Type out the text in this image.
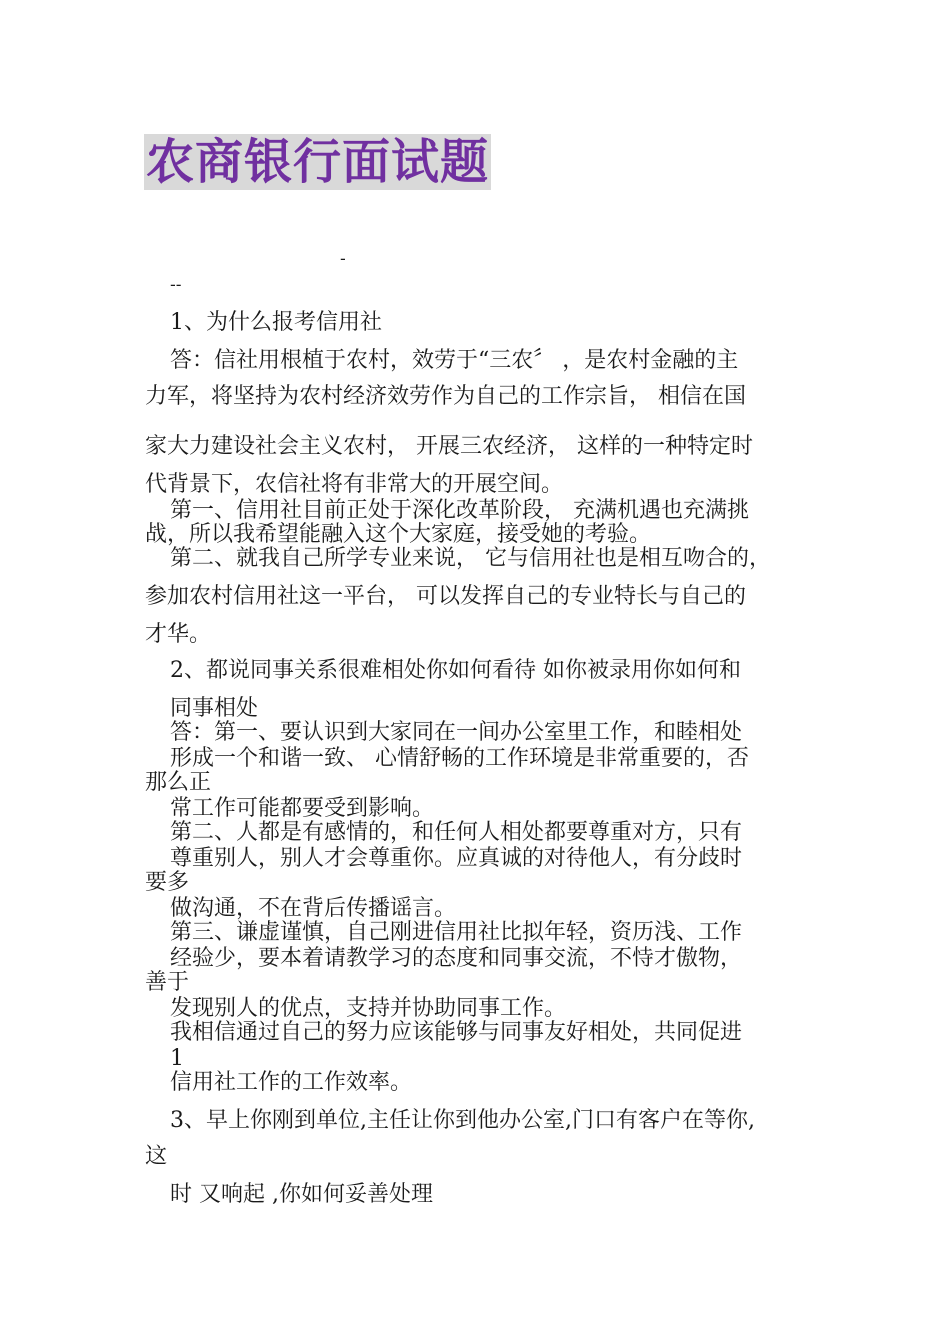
农商银行面试题
-
--
1、为什么报考信用社
答：信社用根植于农村，效劳于“三农〞 ，是农村金融的主
力军，将坚持为农村经济效劳作为自己的工作宗旨， 相信在国
家大力建设社会主义农村， 开展三农经济， 这样的一种特定时
代背景下，农信社将有非常大的开展空间。
第一、信用社目前正处于深化改革阶段， 充满机遇也充满挑
战，所以我希望能融入这个大家庭，接受她的考验。
第二、就我自己所学专业来说， 它与信用社也是相互吻合的，
参加农村信用社这一平台， 可以发挥自己的专业特长与自己的
才华。
2、都说同事关系很难相处你如何看待 如你被录用你如何和
同事相处
答：第一、要认识到大家同在一间办公室里工作，和睦相处
形成一个和谐一致、 心情舒畅的工作环境是非常重要的，否
那么正
常工作可能都要受到影响。
第二、人都是有感情的，和任何人相处都要尊重对方，只有
尊重别人，别人才会尊重你。应真诚的对待他人，有分歧时
要多
做沟通，不在背后传播谣言。
第三、谦虚谨慎，自己刚进信用社比拟年轻，资历浅、工作
经验少，要本着请教学习的态度和同事交流，不恃才傲物，
善于
发现别人的优点，支持并协助同事工作。
我相信通过自己的努力应该能够与同事友好相处，共同促进
1
信用社工作的工作效率。
3、早上你刚到单位,主任让你到他办公室,门口有客户在等你,
这
时 又响起 ,你如何妥善处理
